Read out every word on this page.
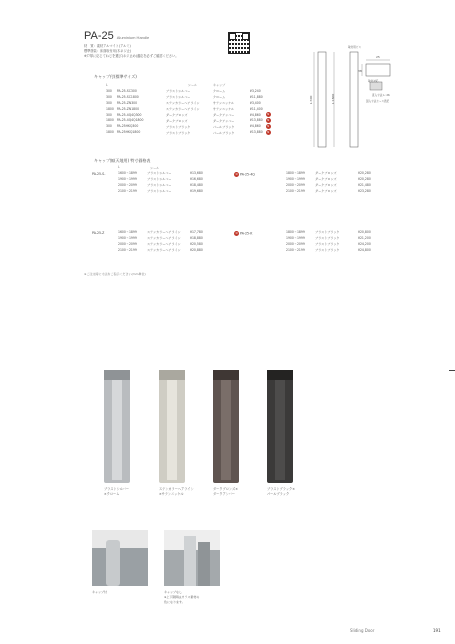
PA-25 Aluminium Handle
材　質：素材アルマイト(アルミ)
標準塗装：床面取付用(木ネジ止)
※戸厚に応じてねじを選び(ネジ止め)適応を必ずご確認ください。
L:300	L:1800
25
38
取付用ビス
直入寸法 L: 26
取付対応
図入寸法ヒース表記
キャップ付(標準サイズ)
L		シール	キャップ		
300	PA-25-SC300	ブラストシルバー	クローム	¥3,240	
300	PA-25-SC1800	ブラストシルバー	クローム	¥11,880	
300	PA-25-ZN300	ステンカラーヘアライン	サテンニッケル	¥3,400	
1800	PA-25-ZN1800	ステンカラーヘアライン	サテンニッケル	¥11,400	
300	PA-25-4Q4Q300	ダークブロンズ	ダークアンバー	¥4,860	N
1800	PA-25-4Q4Q1800	ダークブロンズ	ダークアンバー	¥13,880	N
300	PA-25HKQ300	ブラストブラック	パールブラック	¥4,860	N
1800	PA-25HKQ1800	ブラストブラック	パールブラック	¥13,880	N
キャップ無(天地用) 特寸価格表
L	シール
PA-25-S-	1600〜1899	ブラストシルバー	¥13,680
1900〜1999	ブラストシルバー	¥16,680
2000〜2099	ブラストシルバー	¥18,480
2100〜2199	ブラストシルバー	¥19,680
N PA-25-4Q	1800〜1899	ダークブロンズ	¥20,280
1900〜1999	ダークブロンズ	¥20,280
2000〜2099	ダークブロンズ	¥21,480
2100〜2199	ダークブロンズ	¥23,280
PA-25-Z	1600〜1899	ステンカラーヘアライン	¥17,780
1900〜1999	ステンカラーヘアライン	¥18,880
2000〜2099	ステンカラーヘアライン	¥20,580
2100〜2199	ステンカラーヘアライン	¥20,880
N PA-25-K	1800〜1899	ブラストブラック	¥20,800
1900〜1999	ブラストブラック	¥21,200
2000〜2099	ブラストブラック	¥24,200
2100〜2199	ブラストブラック	¥24,800
※ご注文時に寸法をご指示ください(mm単位)
ブラストシルバー
×クローム
ステンカラーヘアライン
×サテンニッケル
ダークブロンズ×
ダークアンバー
ブラストブラック×
パールブラック
キャップ付	キャップなし
※上下隙間はカラス素材の
色になります。
Sliding Door	191
